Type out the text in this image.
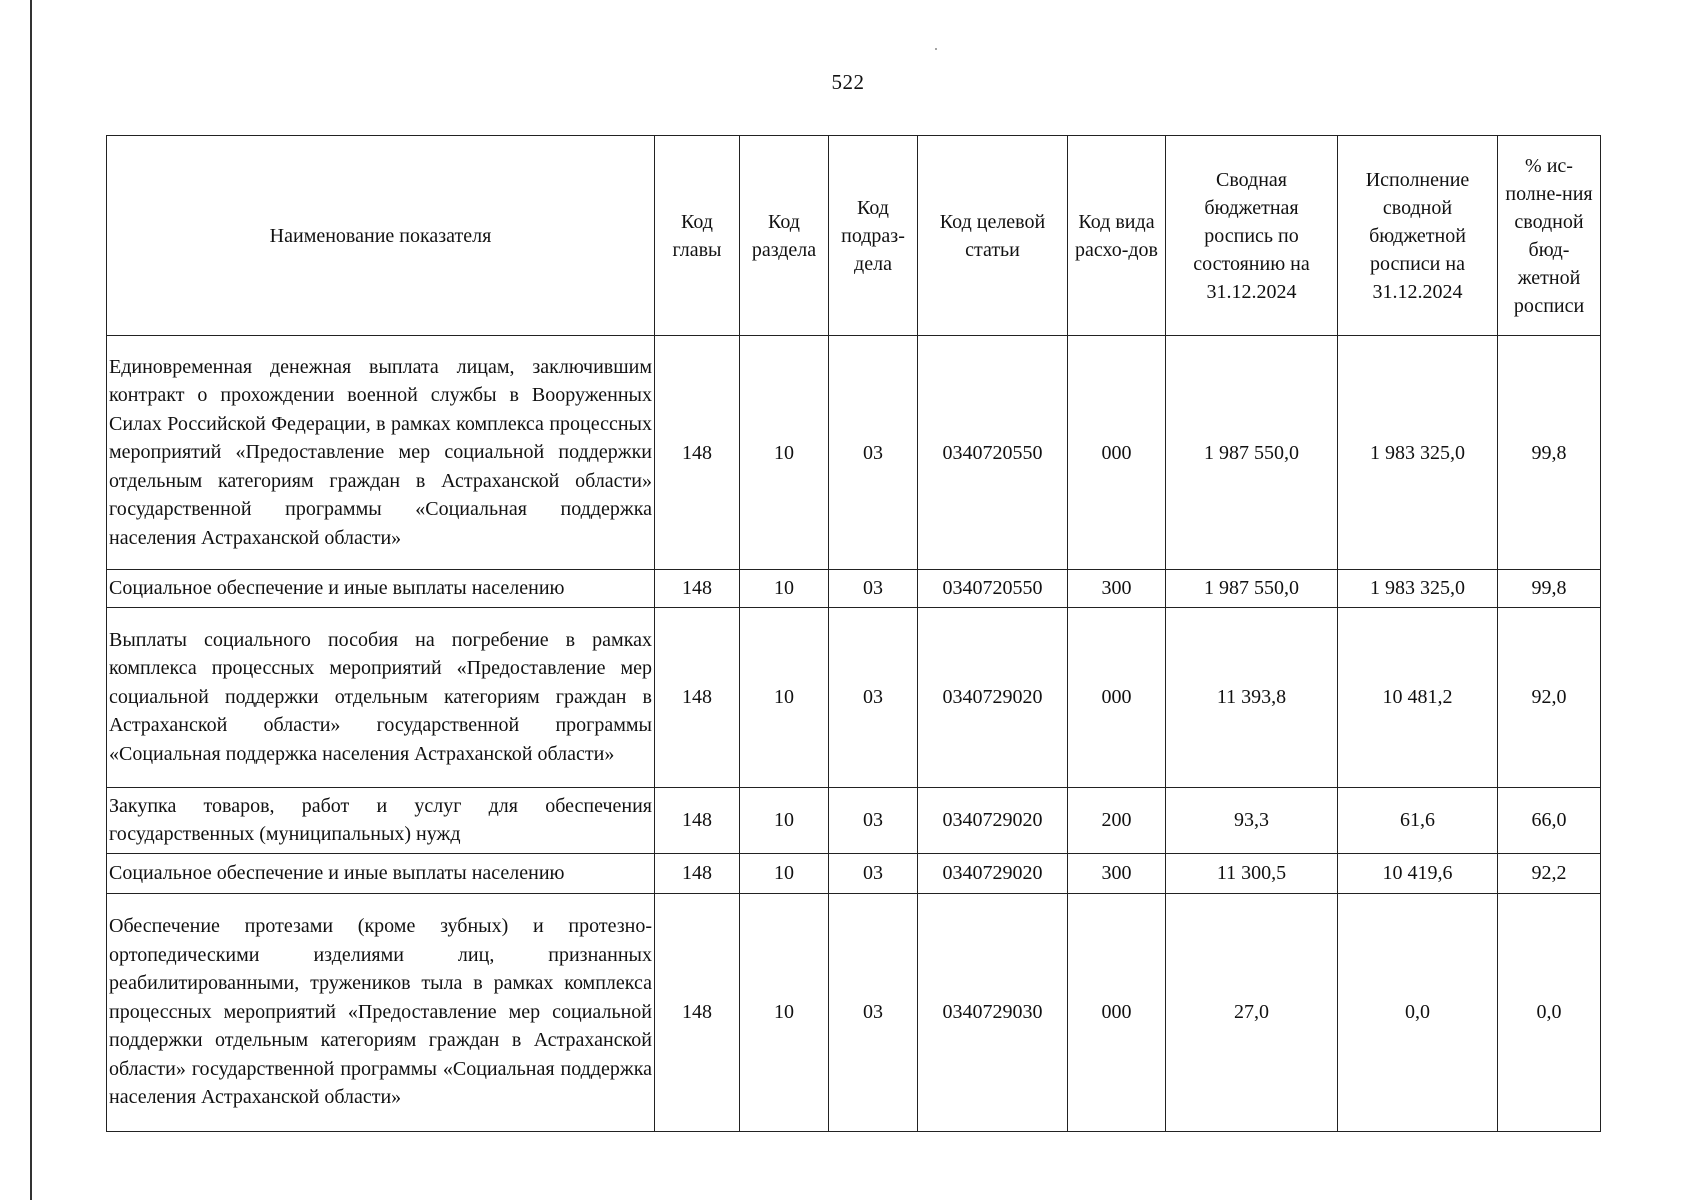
522
Наименование показателя	Код главы	Код раздела	Код подраз-дела	Код целевой статьи	Код вида расхо-дов	Сводная бюджетная роспись по состоянию на 31.12.2024	Исполнение сводной бюджетной росписи на 31.12.2024	% ис-полне-ния сводной бюд-жетной росписи
Единовременная денежная выплата лицам, заключившим контракт о прохождении военной службы в Вооруженных Силах Российской Федерации, в рамках комплекса процессных мероприятий «Предоставление мер социальной поддержки отдельным категориям граждан в Астраханской области» государственной программы «Социальная поддержка населения Астраханской области»	148	10	03	0340720550	000	1 987 550,0	1 983 325,0	99,8
Социальное обеспечение и иные выплаты населению	148	10	03	0340720550	300	1 987 550,0	1 983 325,0	99,8
Выплаты социального пособия на погребение в рамках комплекса процессных мероприятий «Предоставление мер социальной поддержки отдельным категориям граждан в Астраханской области» государственной программы «Социальная поддержка населения Астраханской области»	148	10	03	0340729020	000	11 393,8	10 481,2	92,0
Закупка товаров, работ и услуг для обеспечения государственных (муниципальных) нужд	148	10	03	0340729020	200	93,3	61,6	66,0
Социальное обеспечение и иные выплаты населению	148	10	03	0340729020	300	11 300,5	10 419,6	92,2
Обеспечение протезами (кроме зубных) и протезно-ортопедическими изделиями лиц, признанных реабилитированными, тружеников тыла в рамках комплекса процессных мероприятий «Предоставление мер социальной поддержки отдельным категориям граждан в Астраханской области» государственной программы «Социальная поддержка населения Астраханской области»	148	10	03	0340729030	000	27,0	0,0	0,0
